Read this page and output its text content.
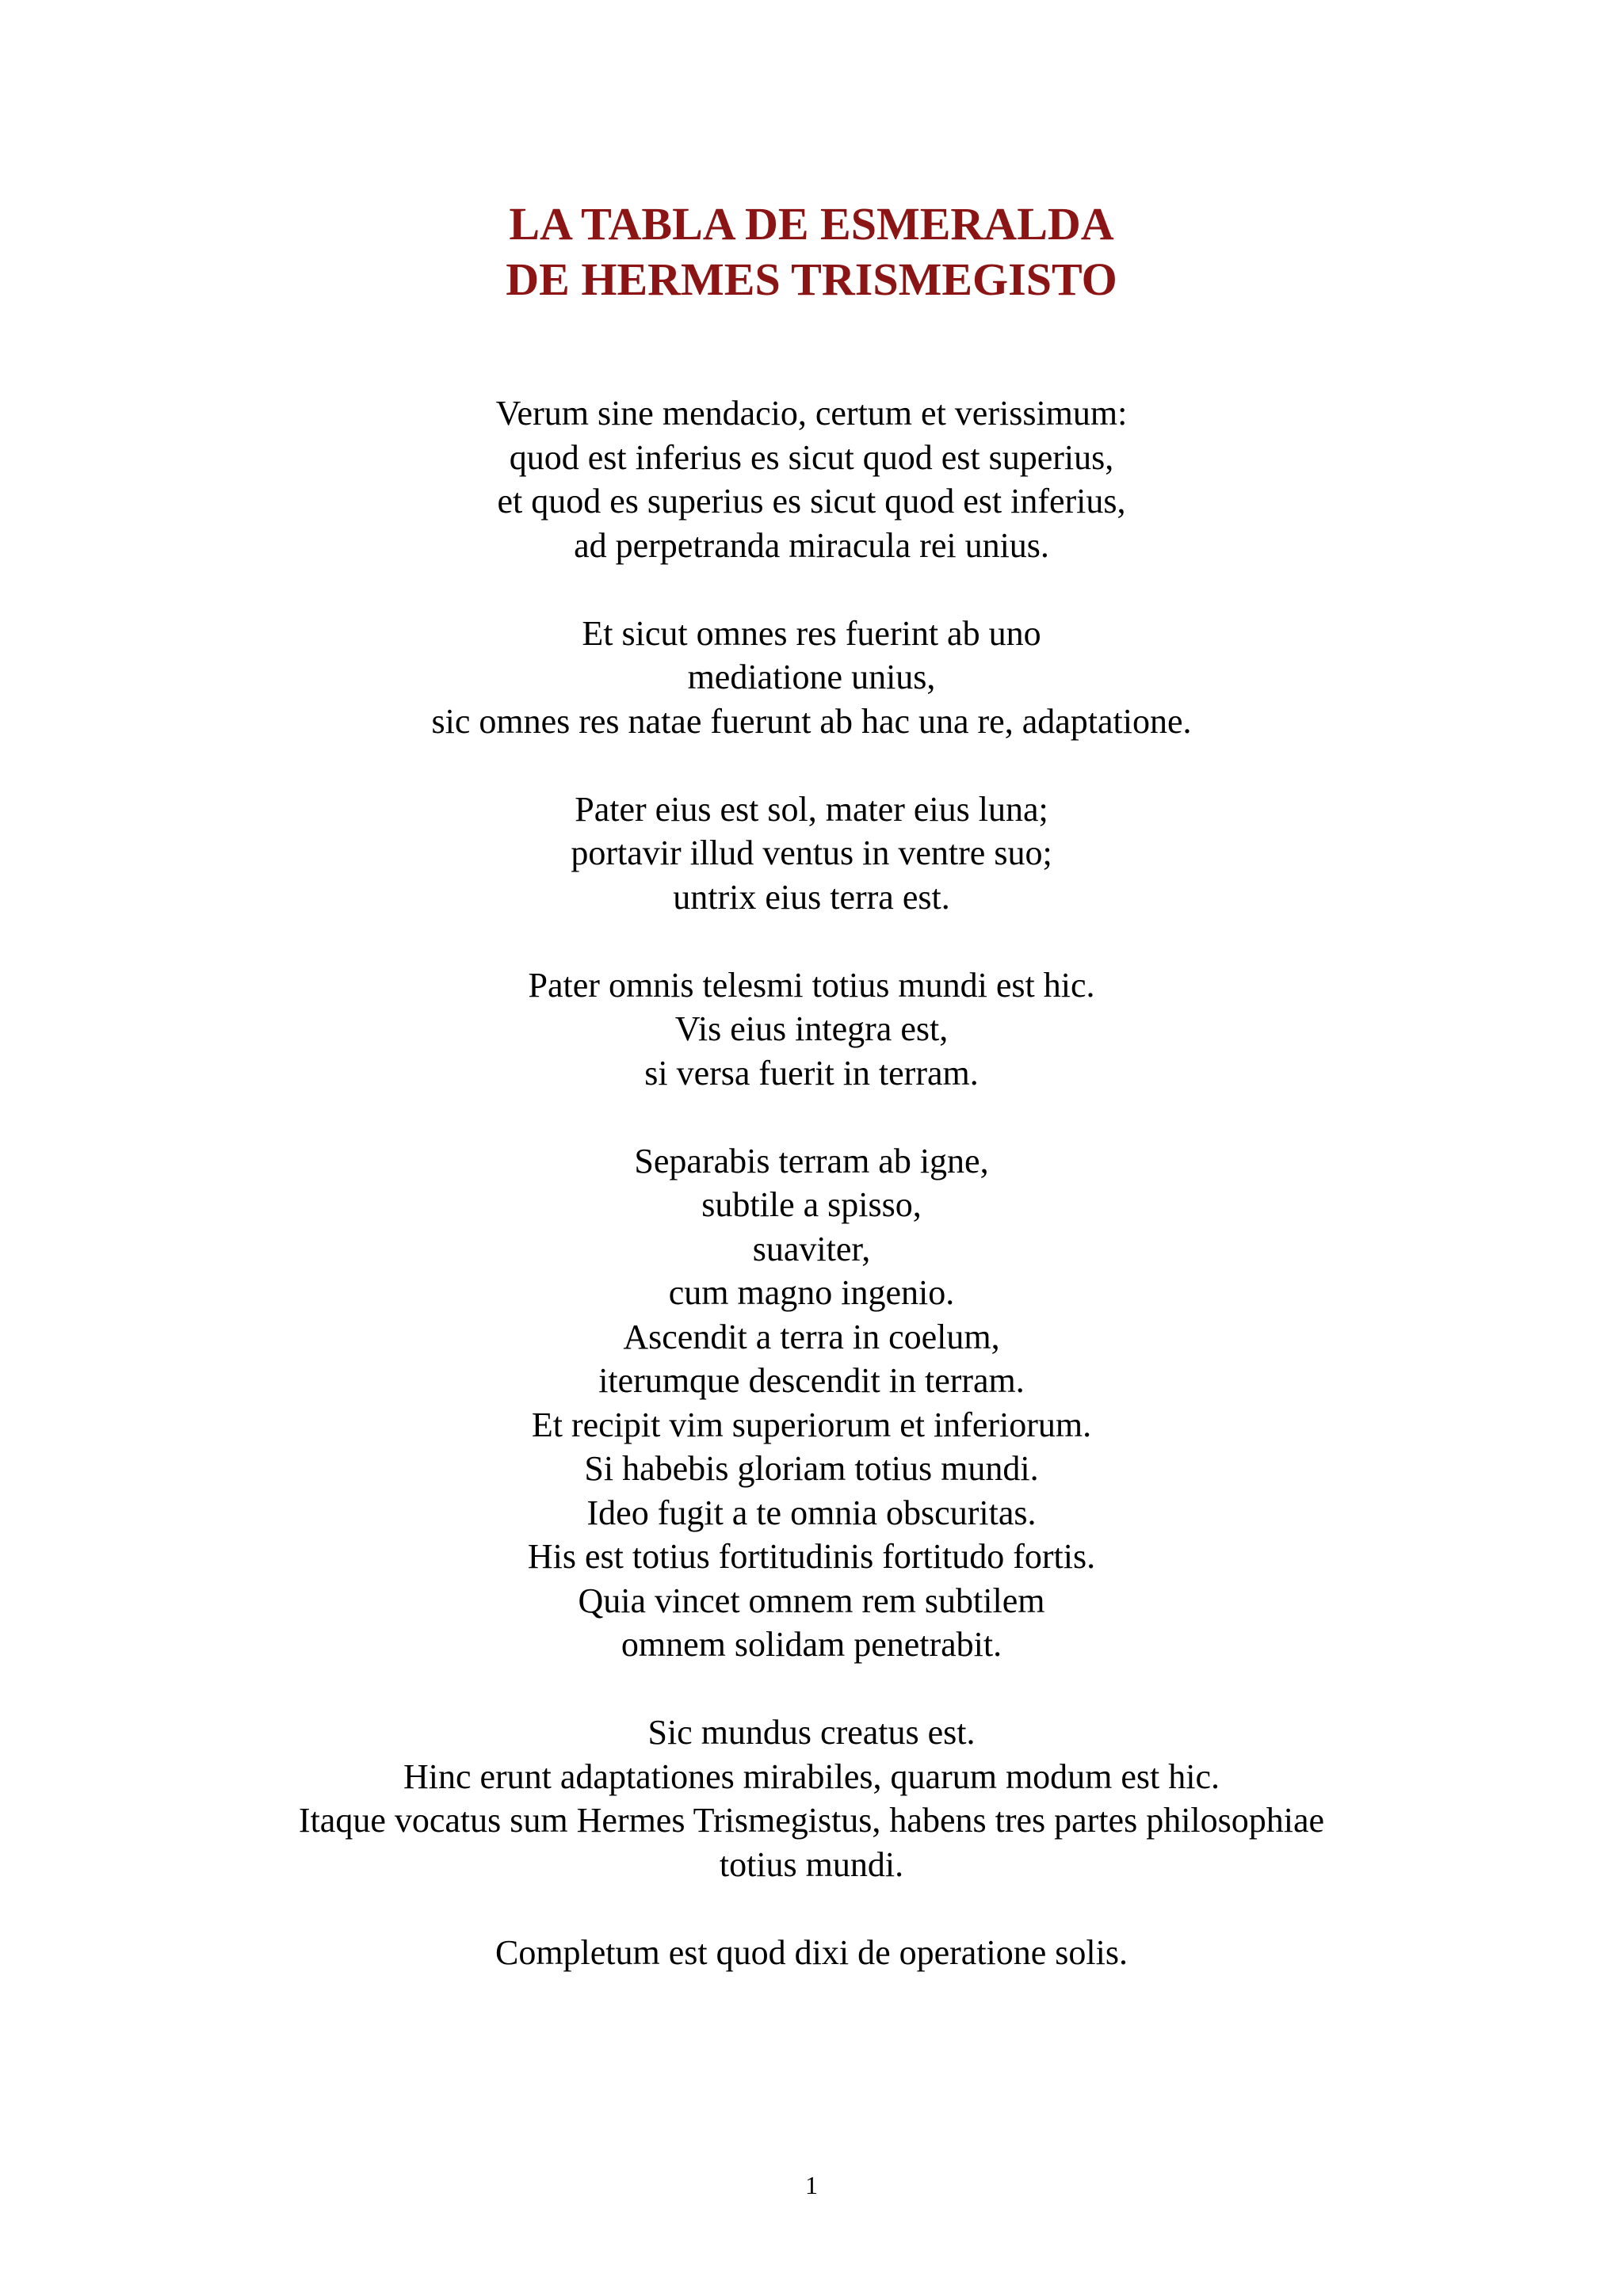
LA TABLA DE ESMERALDA
DE HERMES TRISMEGISTO
Verum sine mendacio, certum et verissimum:
quod est inferius es sicut quod est superius,
et quod es superius es sicut quod est inferius,
ad perpetranda miracula rei unius.
Et sicut omnes res fuerint ab uno
mediatione unius,
sic omnes res natae fuerunt ab hac una re, adaptatione.
Pater eius est sol, mater eius luna;
portavir illud ventus in ventre suo;
untrix eius terra est.
Pater omnis telesmi totius mundi est hic.
Vis eius integra est,
si versa fuerit in terram.
Separabis terram ab igne,
subtile a spisso,
suaviter,
cum magno ingenio.
Ascendit a terra in coelum,
iterumque descendit in terram.
Et recipit vim superiorum et inferiorum.
Si habebis gloriam totius mundi.
Ideo fugit a te omnia obscuritas.
His est totius fortitudinis fortitudo fortis.
Quia vincet omnem rem subtilem
omnem solidam penetrabit.
Sic mundus creatus est.
Hinc erunt adaptationes mirabiles, quarum modum est hic.
Itaque vocatus sum Hermes Trismegistus, habens tres partes philosophiae
totius mundi.
Completum est quod dixi de operatione solis.
1
